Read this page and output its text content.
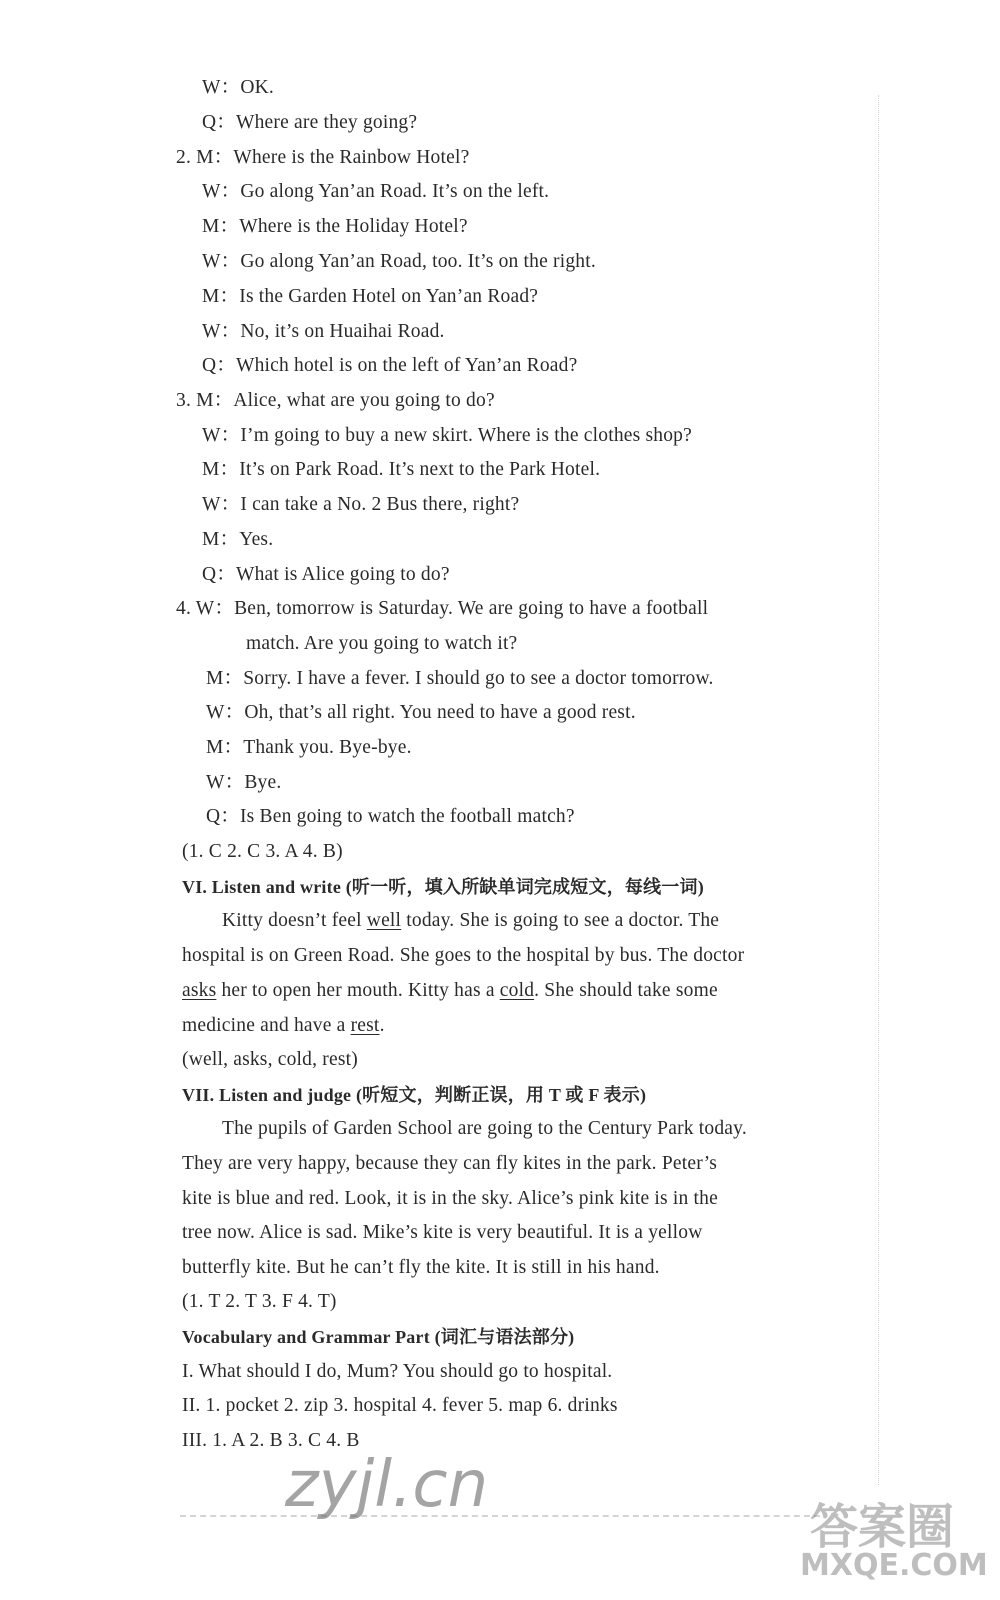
W：OK.
Q：Where are they going?
2. M：Where is the Rainbow Hotel?
W：Go along Yan’an Road. It’s on the left.
M：Where is the Holiday Hotel?
W：Go along Yan’an Road, too. It’s on the right.
M：Is the Garden Hotel on Yan’an Road?
W：No, it’s on Huaihai Road.
Q：Which hotel is on the left of Yan’an Road?
3. M：Alice, what are you going to do?
W：I’m going to buy a new skirt. Where is the clothes shop?
M：It’s on Park Road. It’s next to the Park Hotel.
W：I can take a No. 2 Bus there, right?
M：Yes.
Q：What is Alice going to do?
4. W：Ben, tomorrow is Saturday. We are going to have a football
match. Are you going to watch it?
M：Sorry. I have a fever. I should go to see a doctor tomorrow.
W：Oh, that’s all right. You need to have a good rest.
M：Thank you. Bye-bye.
W：Bye.
Q：Is Ben going to watch the football match?
(1. C 2. C 3. A 4. B)
VI. Listen and write (听一听，填入所缺单词完成短文，每线一词)
Kitty doesn’t feel well today. She is going to see a doctor. The
hospital is on Green Road. She goes to the hospital by bus. The doctor
asks her to open her mouth. Kitty has a cold. She should take some
medicine and have a rest.
(well, asks, cold, rest)
VII. Listen and judge (听短文，判断正误，用 T 或 F 表示)
The pupils of Garden School are going to the Century Park today.
They are very happy, because they can fly kites in the park. Peter’s
kite is blue and red. Look, it is in the sky. Alice’s pink kite is in the
tree now. Alice is sad. Mike’s kite is very beautiful. It is a yellow
butterfly kite. But he can’t fly the kite. It is still in his hand.
(1. T 2. T 3. F 4. T)
Vocabulary and Grammar Part (词汇与语法部分)
I. What should I do, Mum? You should go to hospital.
II. 1. pocket 2. zip 3. hospital 4. fever 5. map 6. drinks
III. 1. A 2. B 3. C 4. B
zyjl.cn
答案圈
MXQE.COM
